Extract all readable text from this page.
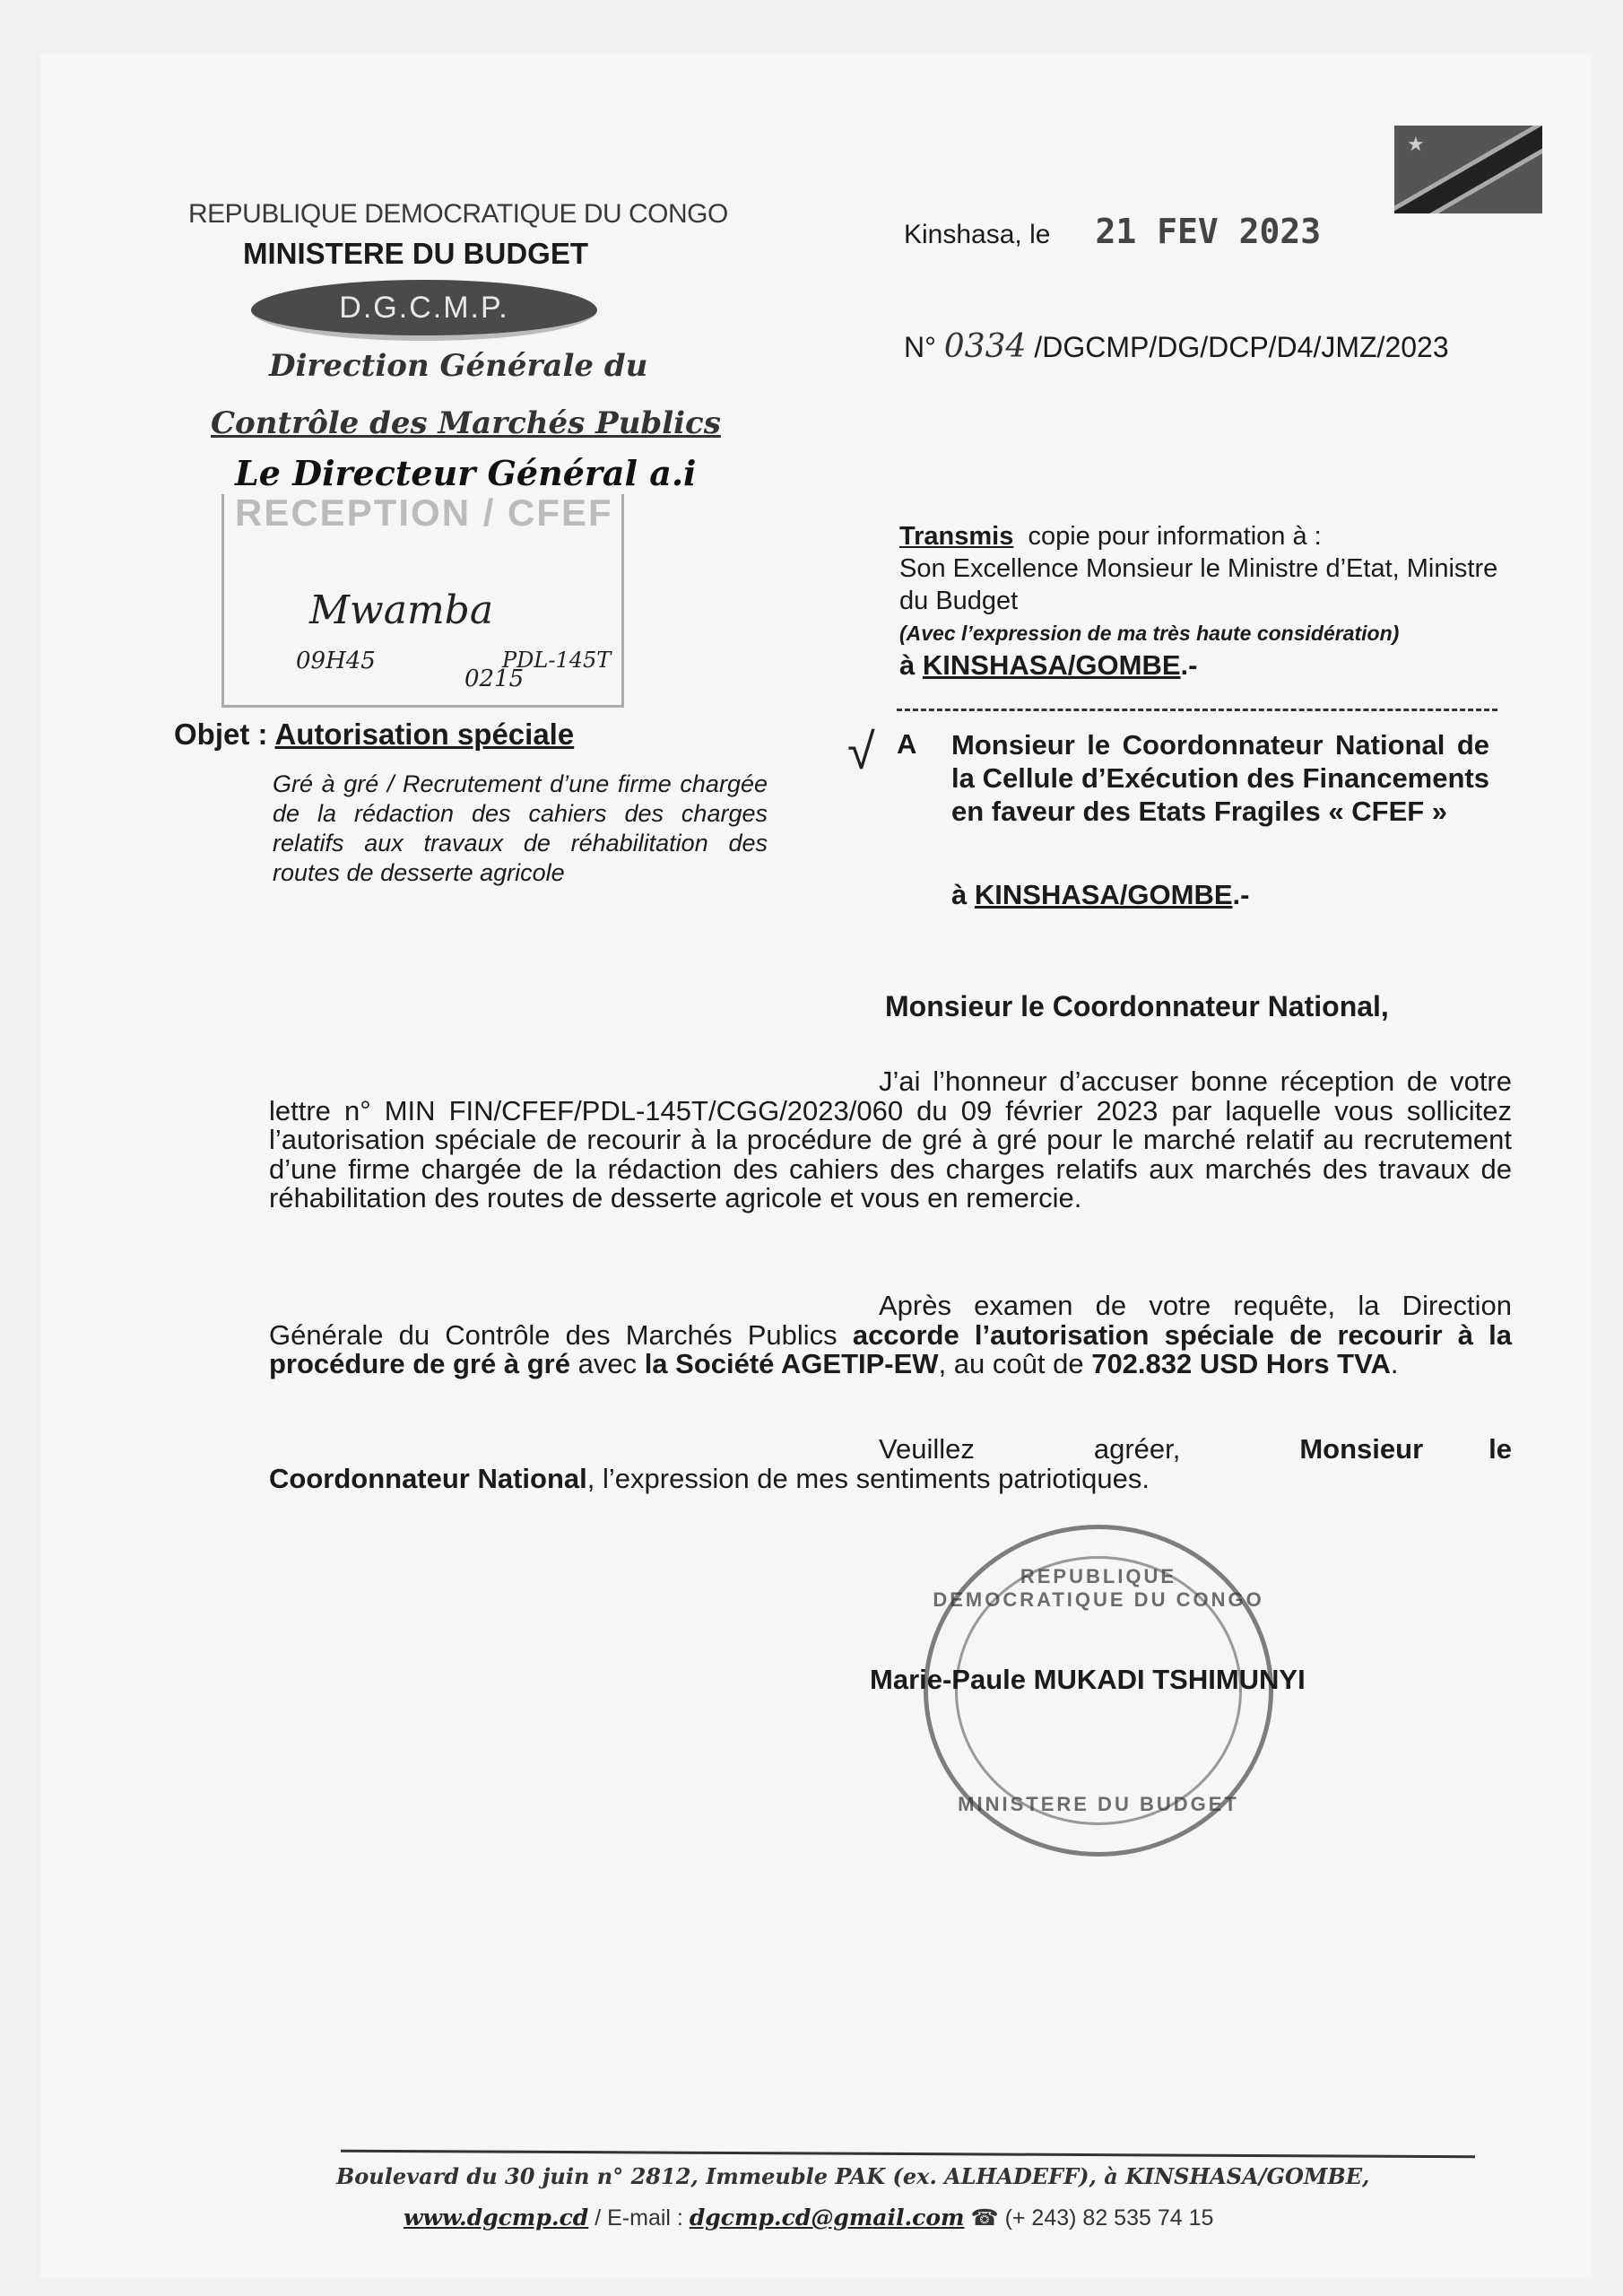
★
REPUBLIQUE DEMOCRATIQUE DU CONGO
MINISTERE DU BUDGET
D.G.C.M.P.
Direction Générale du
Contrôle des Marchés Publics
Le Directeur Général a.i
RECEPTION / CFEF
Mwamba
09H45	PDL-145T
0215
Objet : Autorisation spéciale
Gré à gré / Recrutement d’une firme chargée de la rédaction des cahiers des charges relatifs aux travaux de réhabilitation des routes de desserte agricole
Kinshasa, le 21 FEV 2023
N° 0334 /DGCMP/DG/DCP/D4/JMZ/2023
Transmis copie pour information à :
Son Excellence Monsieur le Ministre d’Etat, Ministre du Budget
(Avec l’expression de ma très haute considération)
à KINSHASA/GOMBE.-
√ A Monsieur le Coordonnateur National de la Cellule d’Exécution des Financements en faveur des Etats Fragiles « CFEF »
à KINSHASA/GOMBE.-
Monsieur le Coordonnateur National,

J’ai l’honneur d’accuser bonne réception de votre lettre n° MIN FIN/CFEF/PDL-145T/CGG/2023/060 du 09 février 2023 par laquelle vous sollicitez l’autorisation spéciale de recourir à la procédure de gré à gré pour le marché relatif au recrutement d’une firme chargée de la rédaction des cahiers des charges relatifs aux marchés des travaux de réhabilitation des routes de desserte agricole et vous en remercie.

Après examen de votre requête, la Direction Générale du Contrôle des Marchés Publics accorde l’autorisation spéciale de recourir à la procédure de gré à gré avec la Société AGETIP-EW, au coût de 702.832 USD Hors TVA.

Veuillez agréer,	Monsieur le Coordonnateur National, l’expression de mes sentiments patriotiques.

REPUBLIQUE DEMOCRATIQUE DU CONGO
MINISTERE DU BUDGET
Marie-Paule MUKADI TSHIMUNYI
Boulevard du 30 juin n° 2812, Immeuble PAK (ex. ALHADEFF), à KINSHASA/GOMBE,
www.dgcmp.cd / E-mail : dgcmp.cd@gmail.com ☎ (+ 243) 82 535 74 15
